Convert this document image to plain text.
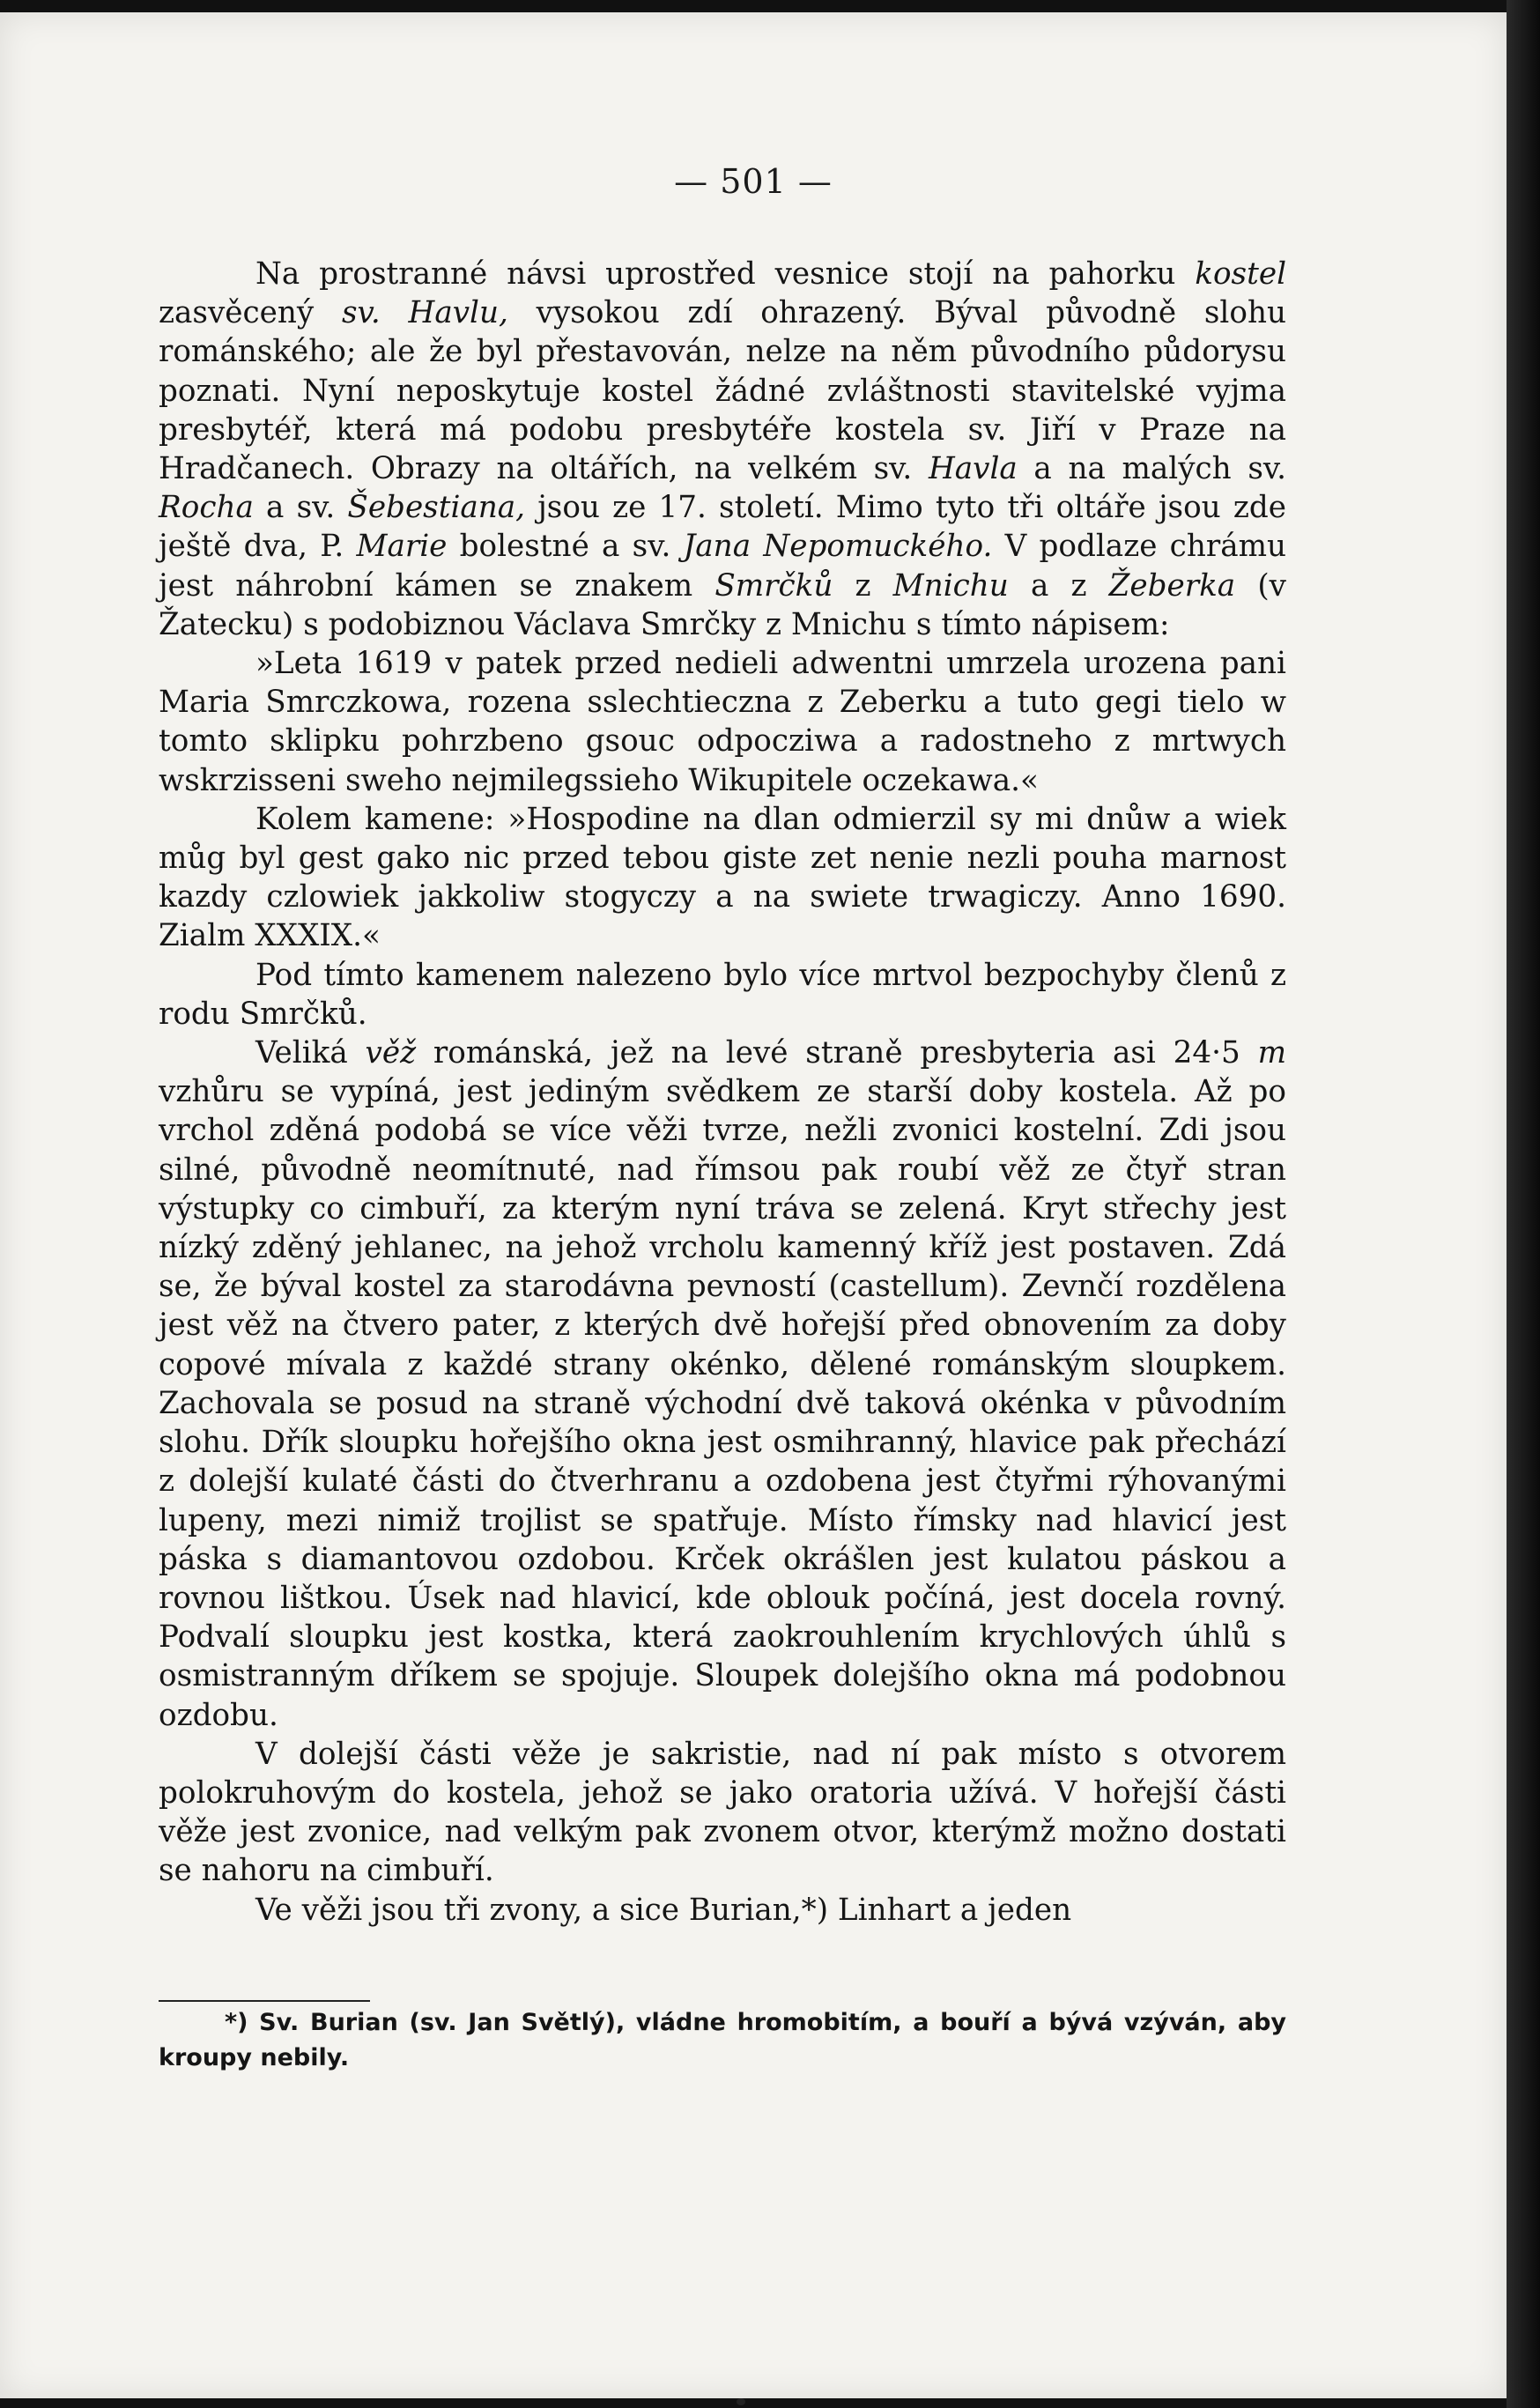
— 501 —

Na prostranné návsi uprostřed vesnice stojí na pahorku kostel zasvěcený sv. Havlu, vysokou zdí ohrazený. Býval původně slohu románského; ale že byl přestavován, nelze na něm původního půdorysu poznati. Nyní neposkytuje kostel žádné zvláštnosti stavitelské vyjma presbytéř, která má podobu presbytéře kostela sv. Jiří v Praze na Hradčanech. Obrazy na oltářích, na velkém sv. Havla a na malých sv. Rocha a sv. Šebestiana, jsou ze 17. století. Mimo tyto tři oltáře jsou zde ještě dva, P. Marie bolestné a sv. Jana Nepomuckého. V podlaze chrámu jest náhrobní kámen se znakem Smrčků z Mnichu a z Žeberka (v Žatecku) s podobiznou Václava Smrčky z Mnichu s tímto nápisem:

»Leta 1619 v patek przed nedieli adwentni umrzela urozena pani Maria Smrczkowa, rozena sslechtieczna z Zeberku a tuto gegi tielo w tomto sklipku pohrzbeno gsouc odpocziwa a radostneho z mrtwych wskrzisseni sweho nejmilegssieho Wikupitele oczekawa.«

Kolem kamene: »Hospodine na dlan odmierzil sy mi dnůw a wiek můg byl gest gako nic przed tebou giste zet nenie nezli pouha marnost kazdy czlowiek jakkoliw stogyczy a na swiete trwagiczy. Anno 1690. Zialm XXXIX.«

Pod tímto kamenem nalezeno bylo více mrtvol bezpochyby členů z rodu Smrčků.

Veliká věž románská, jež na levé straně presbyteria asi 24·5 m vzhůru se vypíná, jest jediným svědkem ze starší doby kostela. Až po vrchol zděná podobá se více věži tvrze, nežli zvonici kostelní. Zdi jsou silné, původně neomítnuté, nad římsou pak roubí věž ze čtyř stran výstupky co cimbuří, za kterým nyní tráva se zelená. Kryt střechy jest nízký zděný jehlanec, na jehož vrcholu kamenný kříž jest postaven. Zdá se, že býval kostel za starodávna pevností (castellum). Zevnčí rozdělena jest věž na čtvero pater, z kterých dvě hořejší před obnovením za doby copové mívala z každé strany okénko, dělené románským sloupkem. Zachovala se posud na straně východní dvě taková okénka v původním slohu. Dřík sloupku hořejšího okna jest osmihranný, hlavice pak přechází z dolejší kulaté části do čtverhranu a ozdobena jest čtyřmi rýhovanými lupeny, mezi nimiž trojlist se spatřuje. Místo římsky nad hlavicí jest páska s diamantovou ozdobou. Krček okrášlen jest kulatou páskou a rovnou lištkou. Úsek nad hlavicí, kde oblouk počíná, jest docela rovný. Podvalí sloupku jest kostka, která zaokrouhlením krychlových úhlů s osmistranným dříkem se spojuje. Sloupek dolejšího okna má podobnou ozdobu.

V dolejší části věže je sakristie, nad ní pak místo s otvorem polokruhovým do kostela, jehož se jako oratoria užívá. V hořejší části věže jest zvonice, nad velkým pak zvonem otvor, kterýmž možno dostati se nahoru na cimbuří.

Ve věži jsou tři zvony, a sice Burian,*) Linhart a jeden

*) Sv. Burian (sv. Jan Světlý), vládne hromobitím, a bouří a bývá vzýván, aby kroupy nebily.
